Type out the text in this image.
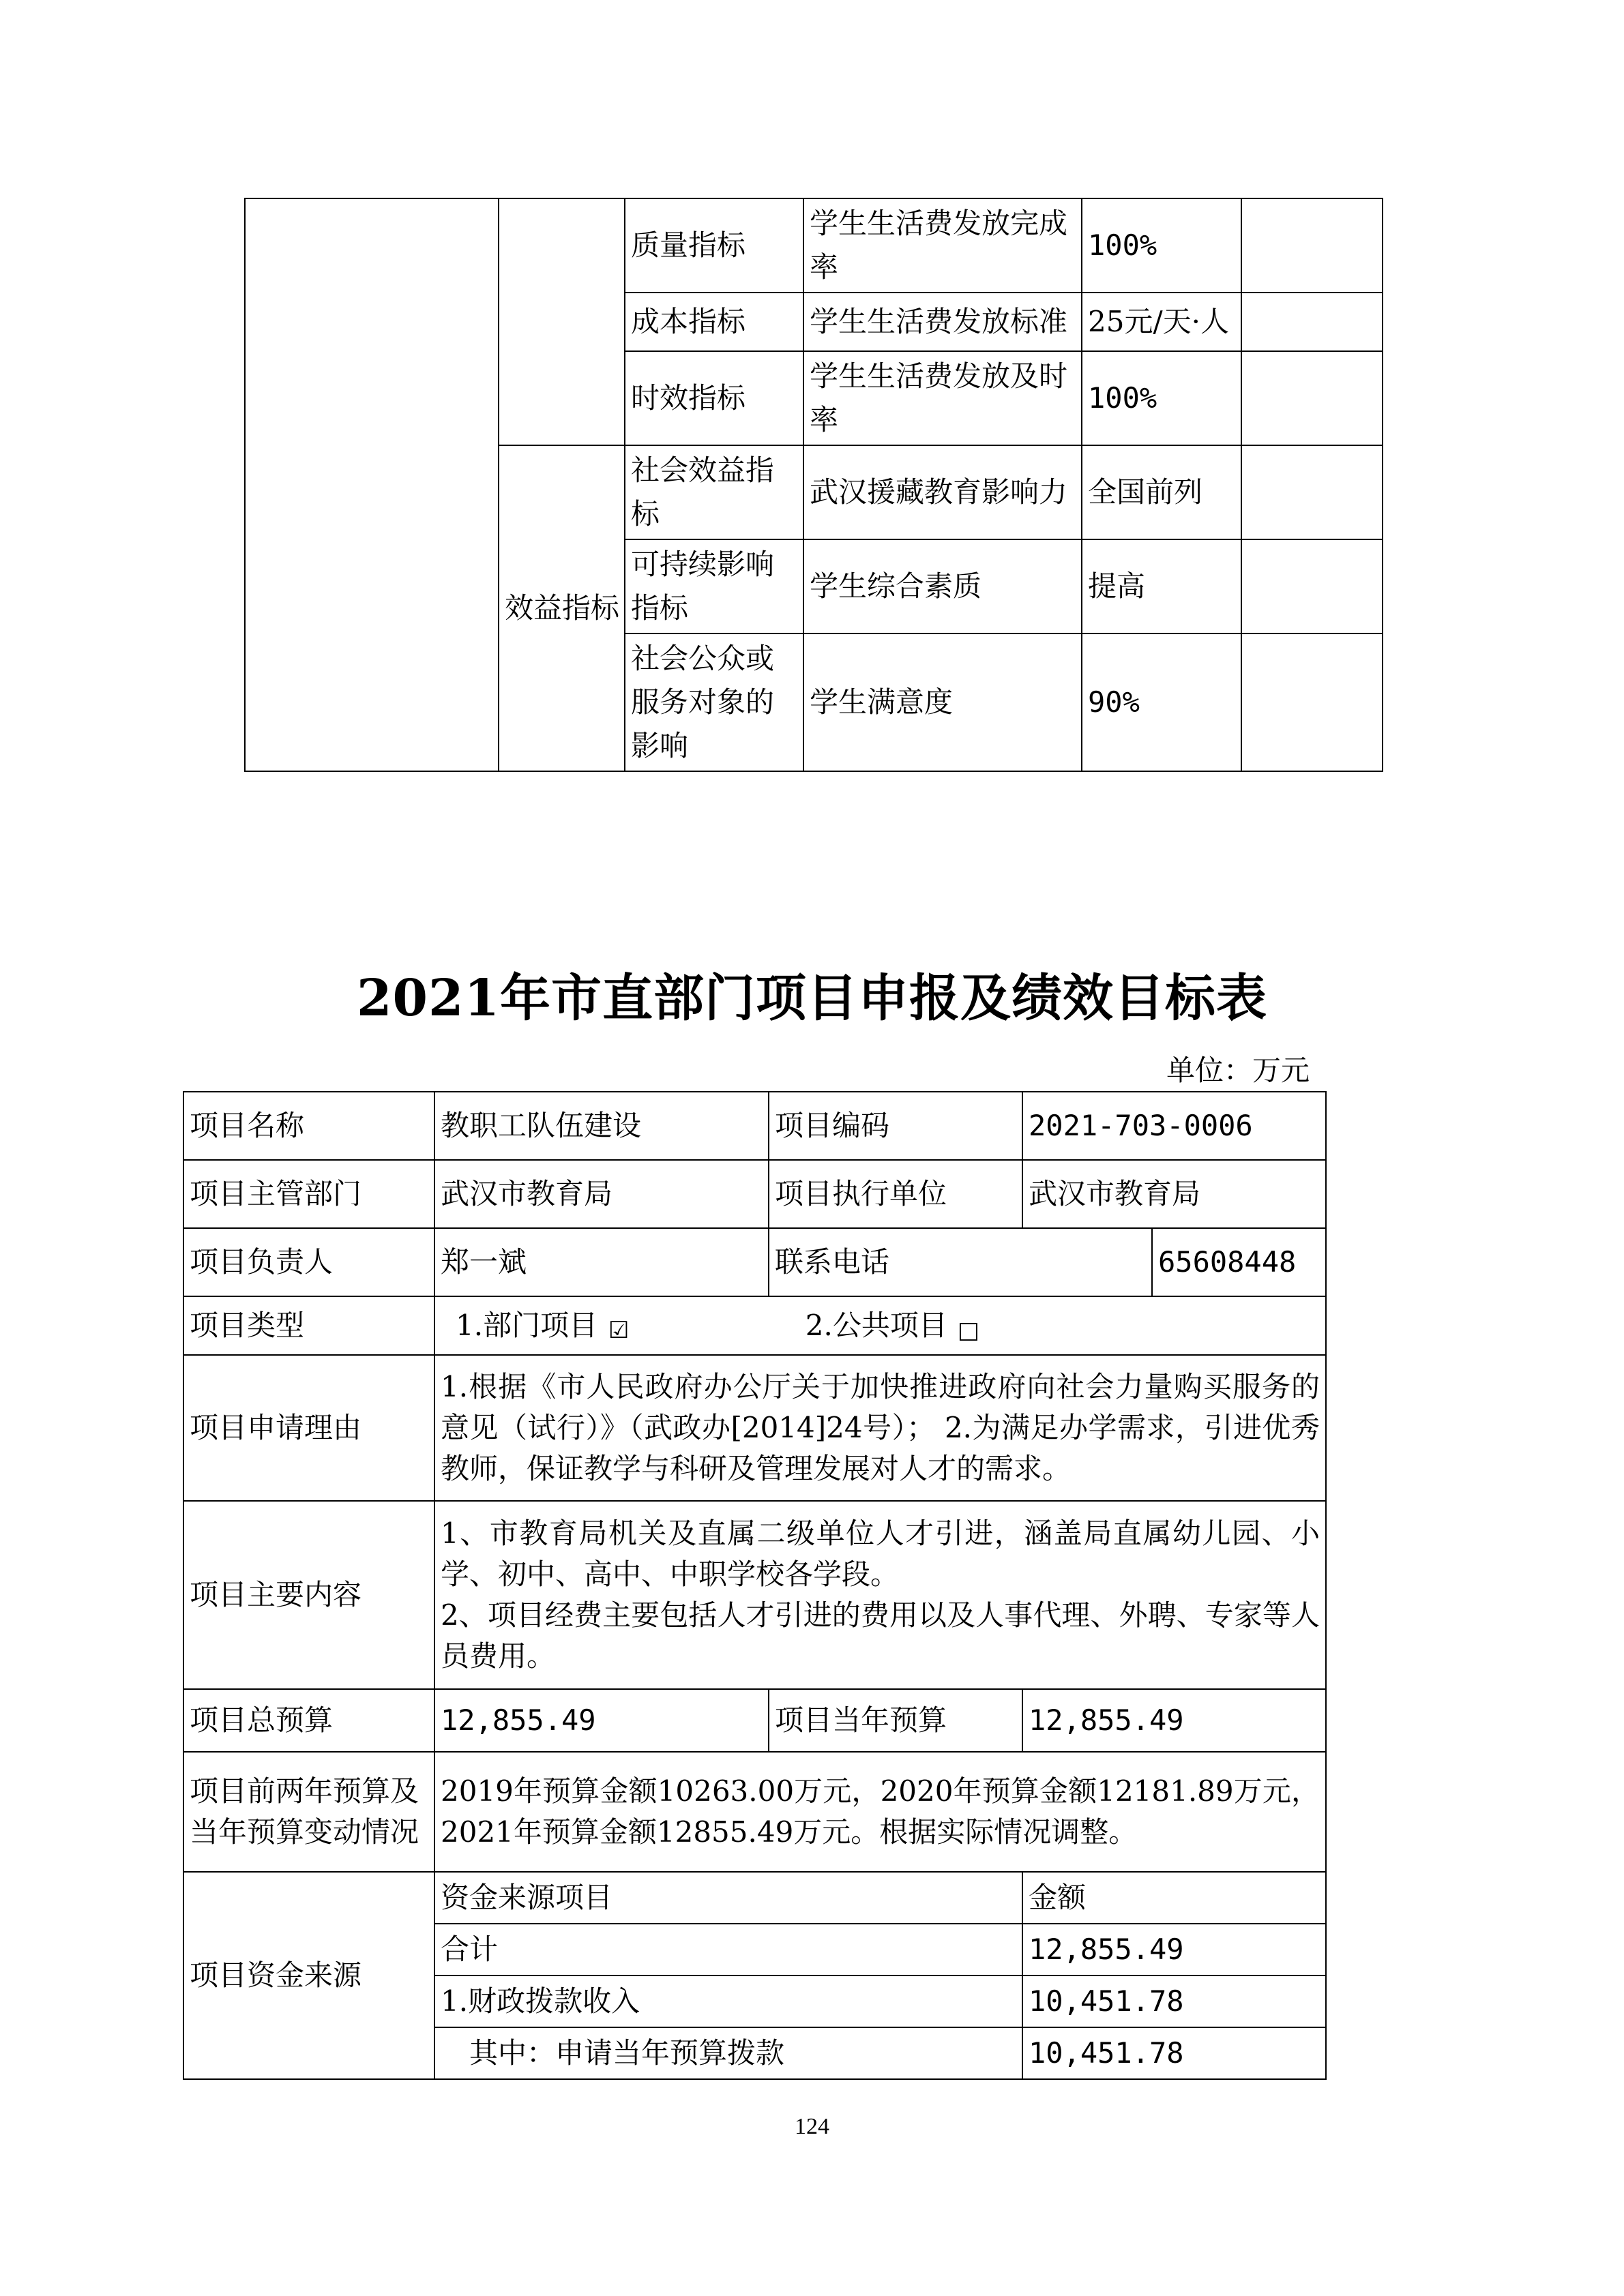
		质量指标	学生生活费发放完成率	100%	
		成本指标	学生生活费发放标准	25元/天·人	
		时效指标	学生生活费发放及时率	100%	
	效益指标	社会效益指标	武汉援藏教育影响力	全国前列	
		可持续影响指标	学生综合素质	提高	
		社会公众或服务对象的影响	学生满意度	90%	
2021年市直部门项目申报及绩效目标表
单位：万元
项目名称	教职工队伍建设	项目编码	2021-703-0006	
项目主管部门	武汉市教育局	项目执行单位	武汉市教育局	
项目负责人	郑一斌	联系电话		65608448
项目类型	1.部门项目 ☑ 2.公共项目 □			
项目申请理由	1.根据《市人民政府办公厅关于加快推进政府向社会力量购买服务的意见（试行）》（武政办[2014]24号）； 2.为满足办学需求，引进优秀教师，保证教学与科研及管理发展对人才的需求。			
项目主要内容	1、市教育局机关及直属二级单位人才引进，涵盖局直属幼儿园、小学、初中、高中、中职学校各学段。
2、项目经费主要包括人才引进的费用以及人事代理、外聘、专家等人员费用。			

项目总预算	12,855.49	项目当年预算	12,855.49	
项目前两年预算及当年预算变动情况	2019年预算金额10263.00万元，2020年预算金额12181.89万元，2021年预算金额12855.49万元。根据实际情况调整。			
项目资金来源	资金来源项目		金额	
	合计		12,855.49	
	1.财政拨款收入		10,451.78	
	其中：申请当年预算拨款		10,451.78	
124
